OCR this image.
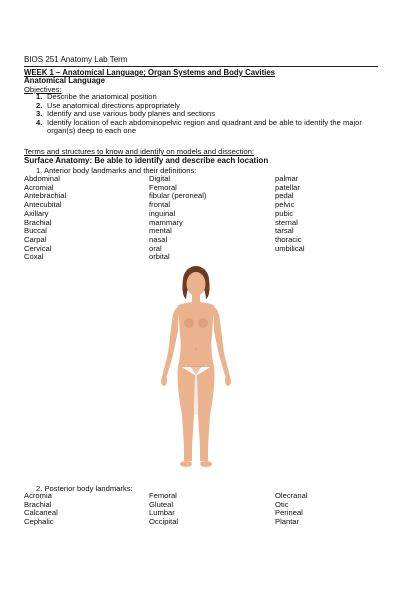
BIOS 251 Anatomy Lab Term
WEEK 1 – Anatomical Language; Organ Systems and Body Cavities
Anatomical Language
Objectives:
1. Describe the anatomical position
2. Use anatomical directions appropriately
3. Identify and use various body planes and sections
4. Identify location of each abdominopelvic region and quadrant and be able to identify the major organ(s) deep to each one
Terms and structures to know and identify on models and dissection:
Surface Anatomy: Be able to identify and describe each location
1. Anterior body landmarks and their definitions:
Abdominal
Acromial
Antebrachial
Antecubital
Axillary
Brachial
Buccal
Carpal
Cervical
Coxal
Digital
Femoral
fibular (peroneal)
frontal
inguinal
mammary
mental
nasal
oral
orbital
palmar
patellar
pedal
pelvic
pubic
sternal
tarsal
thoracic
umbilical
2. Posterior body landmarks:
Acromia
Brachial
Calcaneal
Cephalic
Femoral
Gluteal
Lumbar
Occipital
Olecranal
Otic
Perineal
Plantar
